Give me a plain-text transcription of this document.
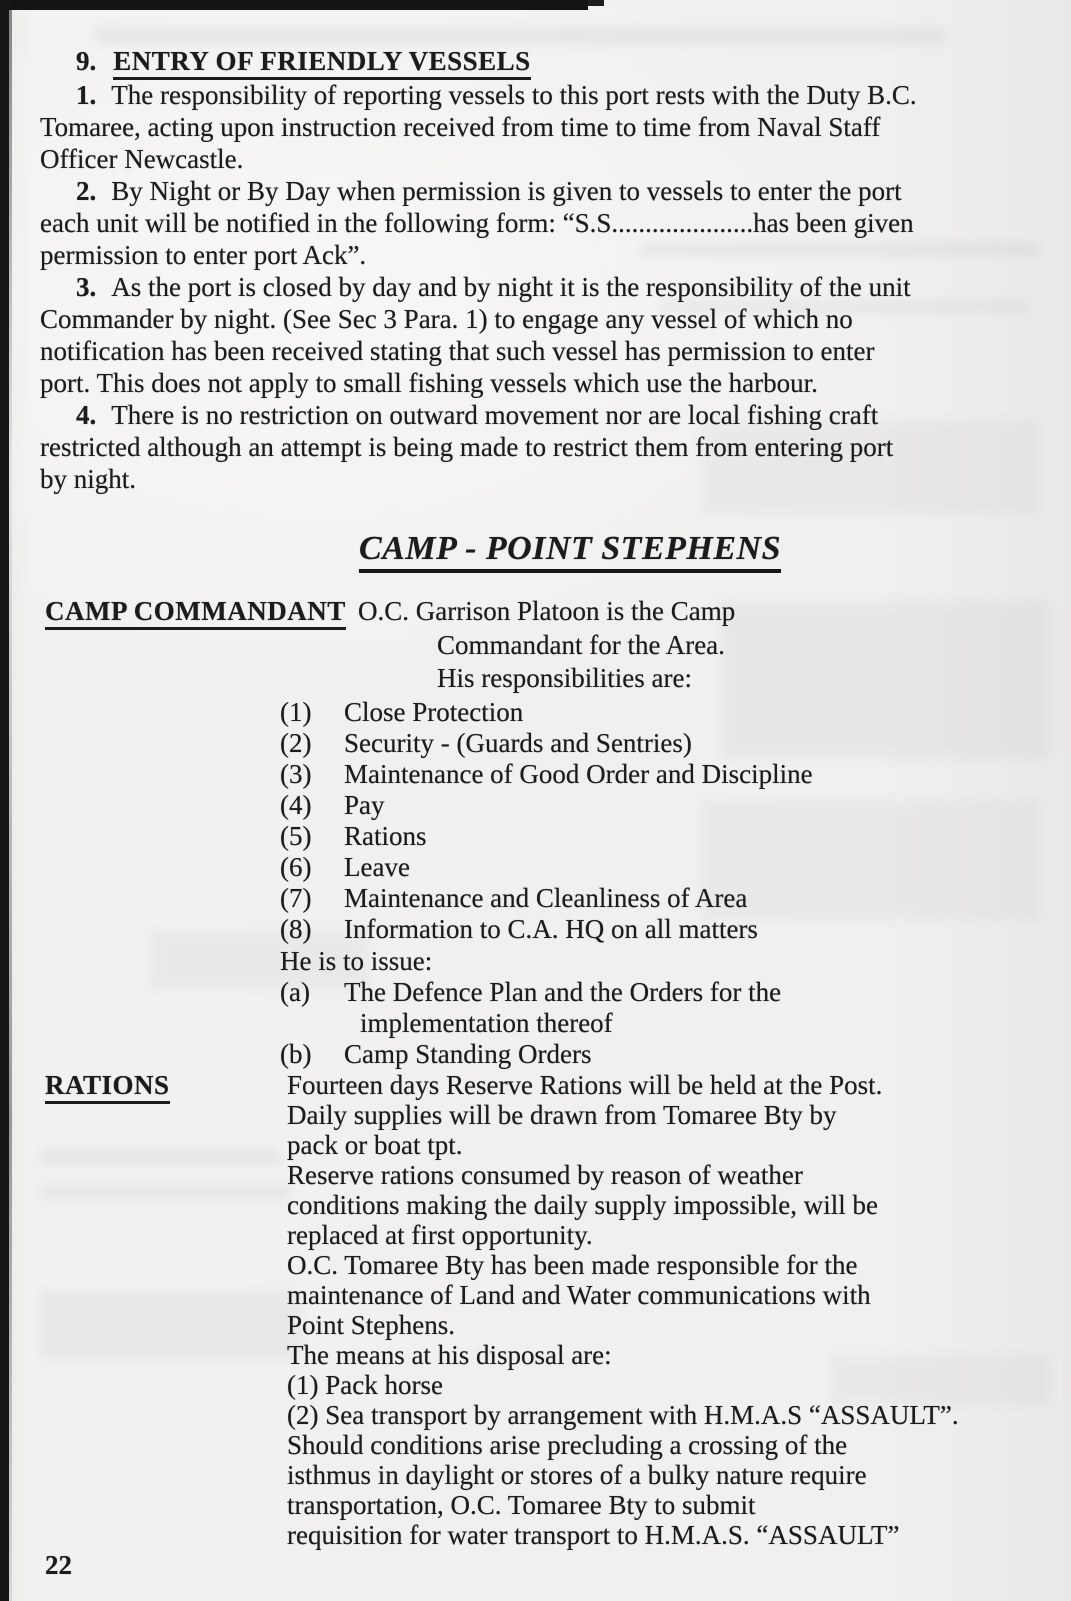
9. ENTRY OF FRIENDLY VESSELS
1. The responsibility of reporting vessels to this port rests with the Duty B.C.
Tomaree, acting upon instruction received from time to time from Naval Staff
Officer Newcastle.
2. By Night or By Day when permission is given to vessels to enter the port
each unit will be notified in the following form: “S.S.....................has been given
permission to enter port Ack”.
3. As the port is closed by day and by night it is the responsibility of the unit
Commander by night. (See Sec 3 Para. 1) to engage any vessel of which no
notification has been received stating that such vessel has permission to enter
port. This does not apply to small fishing vessels which use the harbour.
4. There is no restriction on outward movement nor are local fishing craft
restricted although an attempt is being made to restrict them from entering port
by night.
CAMP - POINT STEPHENS
CAMP COMMANDANT O.C. Garrison Platoon is the Camp
Commandant for the Area.
His responsibilities are:
(1) Close Protection
(2) Security - (Guards and Sentries)
(3) Maintenance of Good Order and Discipline
(4) Pay
(5) Rations
(6) Leave
(7) Maintenance and Cleanliness of Area
(8) Information to C.A. HQ on all matters
He is to issue:
(a) The Defence Plan and the Orders for the
implementation thereof
(b) Camp Standing Orders
RATIONS	Fourteen days Reserve Rations will be held at the Post.
Daily supplies will be drawn from Tomaree Bty by
pack or boat tpt.
Reserve rations consumed by reason of weather
conditions making the daily supply impossible, will be
replaced at first opportunity.
O.C. Tomaree Bty has been made responsible for the
maintenance of Land and Water communications with
Point Stephens.
The means at his disposal are:
(1) Pack horse
(2) Sea transport by arrangement with H.M.A.S “ASSAULT”.
Should conditions arise precluding a crossing of the
isthmus in daylight or stores of a bulky nature require
transportation, O.C. Tomaree Bty to submit
requisition for water transport to H.M.A.S. “ASSAULT”
22
